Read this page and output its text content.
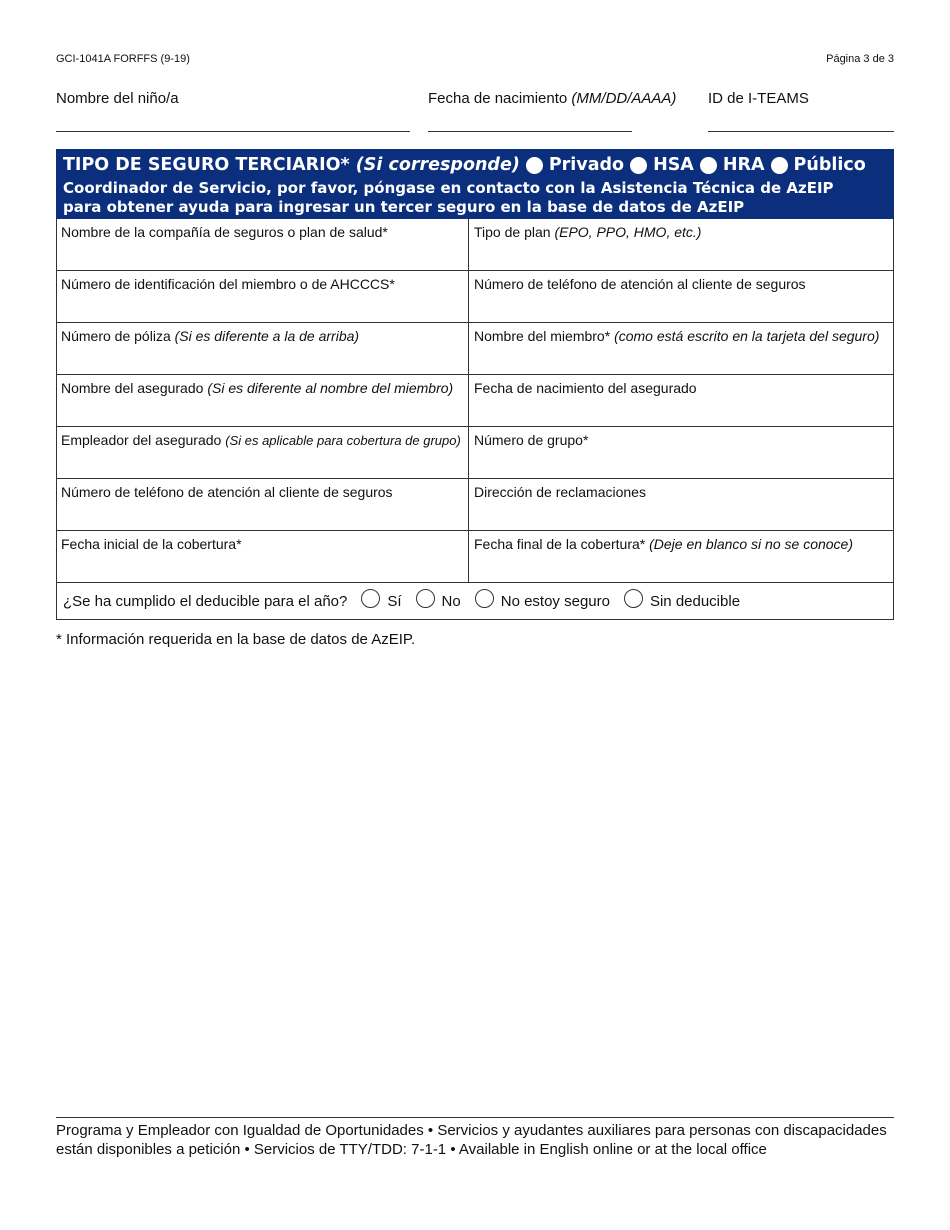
GCI-1041A FORFFS (9-19)	Página 3 de 3
Nombre del niño/a	Fecha de nacimiento (MM/DD/AAAA) ID de I-TEAMS
TIPO DE SEGURO TERCIARIO*
(Si corresponde) Privado HSA HRA Público
Coordinador de Servicio, por favor, póngase en contacto con la Asistencia Técnica de AzEIP
para obtener ayuda para ingresar un tercer seguro en la base de datos de AzEIP
Nombre de la compañía de seguros o plan de salud*	Tipo de plan (EPO, PPO, HMO, etc.)
Número de identificación del miembro o de AHCCCS*	Número de teléfono de atención al cliente de seguros
Número de póliza (Si es diferente a la de arriba)	Nombre del miembro* (como está escrito en la tarjeta del seguro)
Nombre del asegurado (Si es diferente al nombre del miembro)	Fecha de nacimiento del asegurado
Empleador del asegurado (Si es aplicable para cobertura de grupo) Número de grupo*
Número de teléfono de atención al cliente de seguros	Dirección de reclamaciones
Fecha inicial de la cobertura*	Fecha final de la cobertura* (Deje en blanco si no se conoce)
¿Se ha cumplido el deducible para el año?	Sí	No	No estoy seguro	Sin deducible
* Información requerida en la base de datos de AzEIP.
Programa y Empleador con Igualdad de Oportunidades • Servicios y ayudantes auxiliares para personas con discapacidades están disponibles a petición • Servicios de TTY/TDD: 7-1-1 • Available in English online or at the local office
